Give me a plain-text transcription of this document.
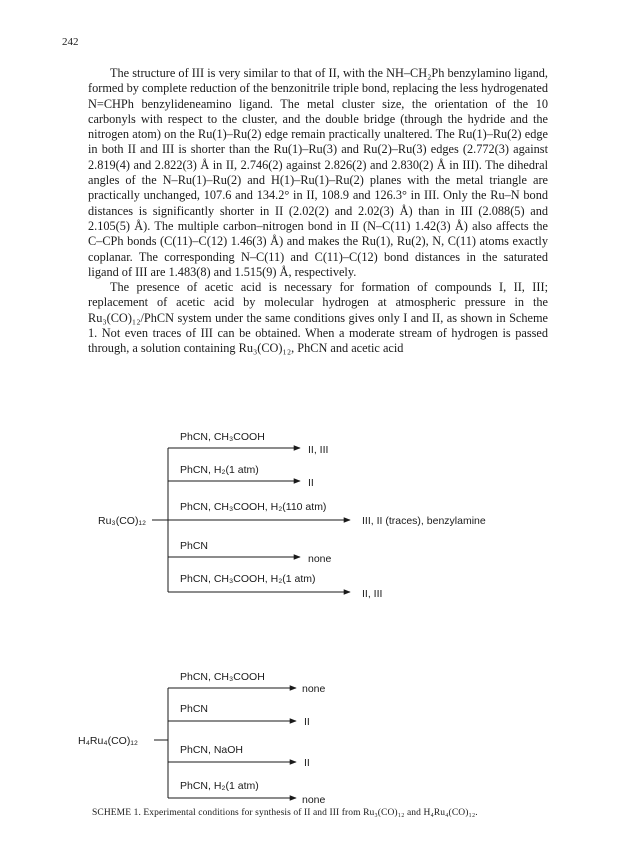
242

The structure of III is very similar to that of II, with the NH–CH₂Ph benzylamino ligand, formed by complete reduction of the benzonitrile triple bond, replacing the less hydrogenated N=CHPh benzylideneamino ligand. The metal cluster size, the orientation of the 10 carbonyls with respect to the cluster, and the double bridge (through the hydride and the nitrogen atom) on the Ru(1)–Ru(2) edge remain practically unaltered. The Ru(1)–Ru(2) edge in both II and III is shorter than the Ru(1)–Ru(3) and Ru(2)–Ru(3) edges (2.772(3) against 2.819(4) and 2.822(3) Å in II, 2.746(2) against 2.826(2) and 2.830(2) Å in III). The dihedral angles of the N–Ru(1)–Ru(2) and H(1)–Ru(1)–Ru(2) planes with the metal triangle are practically unchanged, 107.6 and 134.2° in II, 108.9 and 126.3° in III. Only the Ru–N bond distances is significantly shorter in II (2.02(2) and 2.02(3) Å) than in III (2.088(5) and 2.105(5) Å). The multiple carbon–nitrogen bond in II (N–C(11) 1.42(3) Å) also affects the C–CPh bonds (C(11)–C(12) 1.46(3) Å) and makes the Ru(1), Ru(2), N, C(11) atoms exactly coplanar. The corresponding N–C(11) and C(11)–C(12) bond distances in the saturated ligand of III are 1.483(8) and 1.515(9) Å, respectively.

The presence of acetic acid is necessary for formation of compounds I, II, III; replacement of acetic acid by molecular hydrogen at atmospheric pressure in the Ru₃(CO)₁₂/PhCN system under the same conditions gives only I and II, as shown in Scheme 1. Not even traces of III can be obtained. When a moderate stream of hydrogen is passed through, a solution containing Ru₃(CO)₁₂, PhCN and acetic acid

Ru₃(CO)₁₂
PhCN, CH₃COOH
II, III
PhCN, H₂(1 atm)
II
PhCN, CH₃COOH, H₂(110 atm)
III, II (traces), benzylamine
PhCN
none
PhCN, CH₃COOH, H₂(1 atm)
II, III
H₄Ru₄(CO)₁₂
PhCN, CH₃COOH
none
PhCN
II
PhCN, NaOH
II
PhCN, H₂(1 atm)
none
SCHEME 1. Experimental conditions for synthesis of II and III from Ru₃(CO)₁₂ and H₄Ru₄(CO)₁₂.
